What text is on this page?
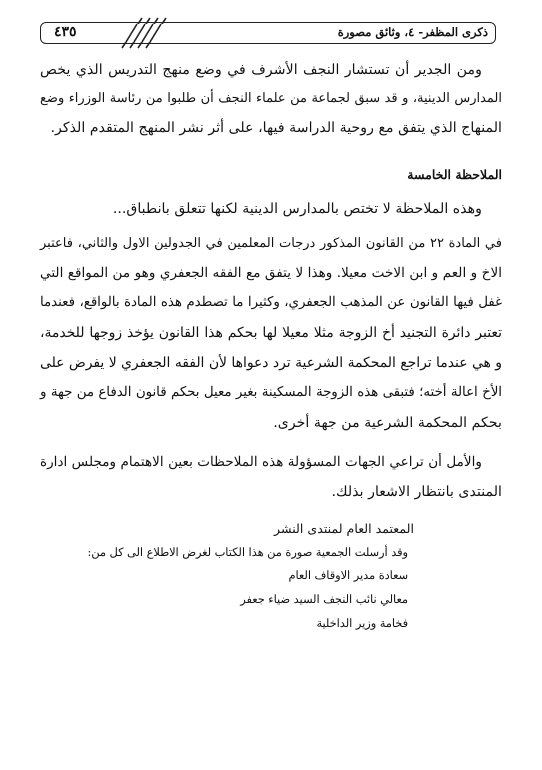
ذكرى المظفر- ٤، وثائق مصورة
٤٣٥
ومن الجدير أن تستشار النجف الأشرف في وضع منهج التدريس الذي يخص
المدارس الدينية، و قد سبق لجماعة من علماء النجف أن طلبوا من رئاسة الوزراء وضع
المنهاج الذي يتفق مع روحية الدراسة فيها، على أثر نشر المنهج المتقدم الذكر.
الملاحظة الخامسة
وهذه الملاحظة لا تختص بالمدارس الدينية لكنها تتعلق بانطباق...
في المادة ٢٢ من القانون المذكور درجات المعلمين في الجدولين الاول والثاني، فاعتبر
الاخ و العم و ابن الاخت معيلا. وهذا لا يتفق مع الفقه الجعفري وهو من المواقع التي
غفل فيها القانون عن المذهب الجعفري، وكثيرا ما تصطدم هذه المادة بالواقع، فعندما
تعتبر دائرة التجنيد أخ الزوجة مثلا معيلا لها بحكم هذا القانون يؤخذ زوجها للخدمة،
و هي عندما تراجع المحكمة الشرعية ترد دعواها لأن الفقه الجعفري لا يفرض على
الأخ اعالة أخته؛ فتبقى هذه الزوجة المسكينة بغير معيل بحكم قانون الدفاع من جهة و
بحكم المحكمة الشرعية من جهة أخرى.
والأمل أن تراعي الجهات المسؤولة هذه الملاحظات بعين الاهتمام ومجلس ادارة
المنتدى بانتظار الاشعار بذلك.
المعتمد العام لمنتدى النشر
وقد أرسلت الجمعية صورة من هذا الكتاب لغرض الاطلاع الى كل من:
سعادة مدير الاوقاف العام
معالي نائب النجف السيد ضياء جعفر
فخامة وزير الداخلية
